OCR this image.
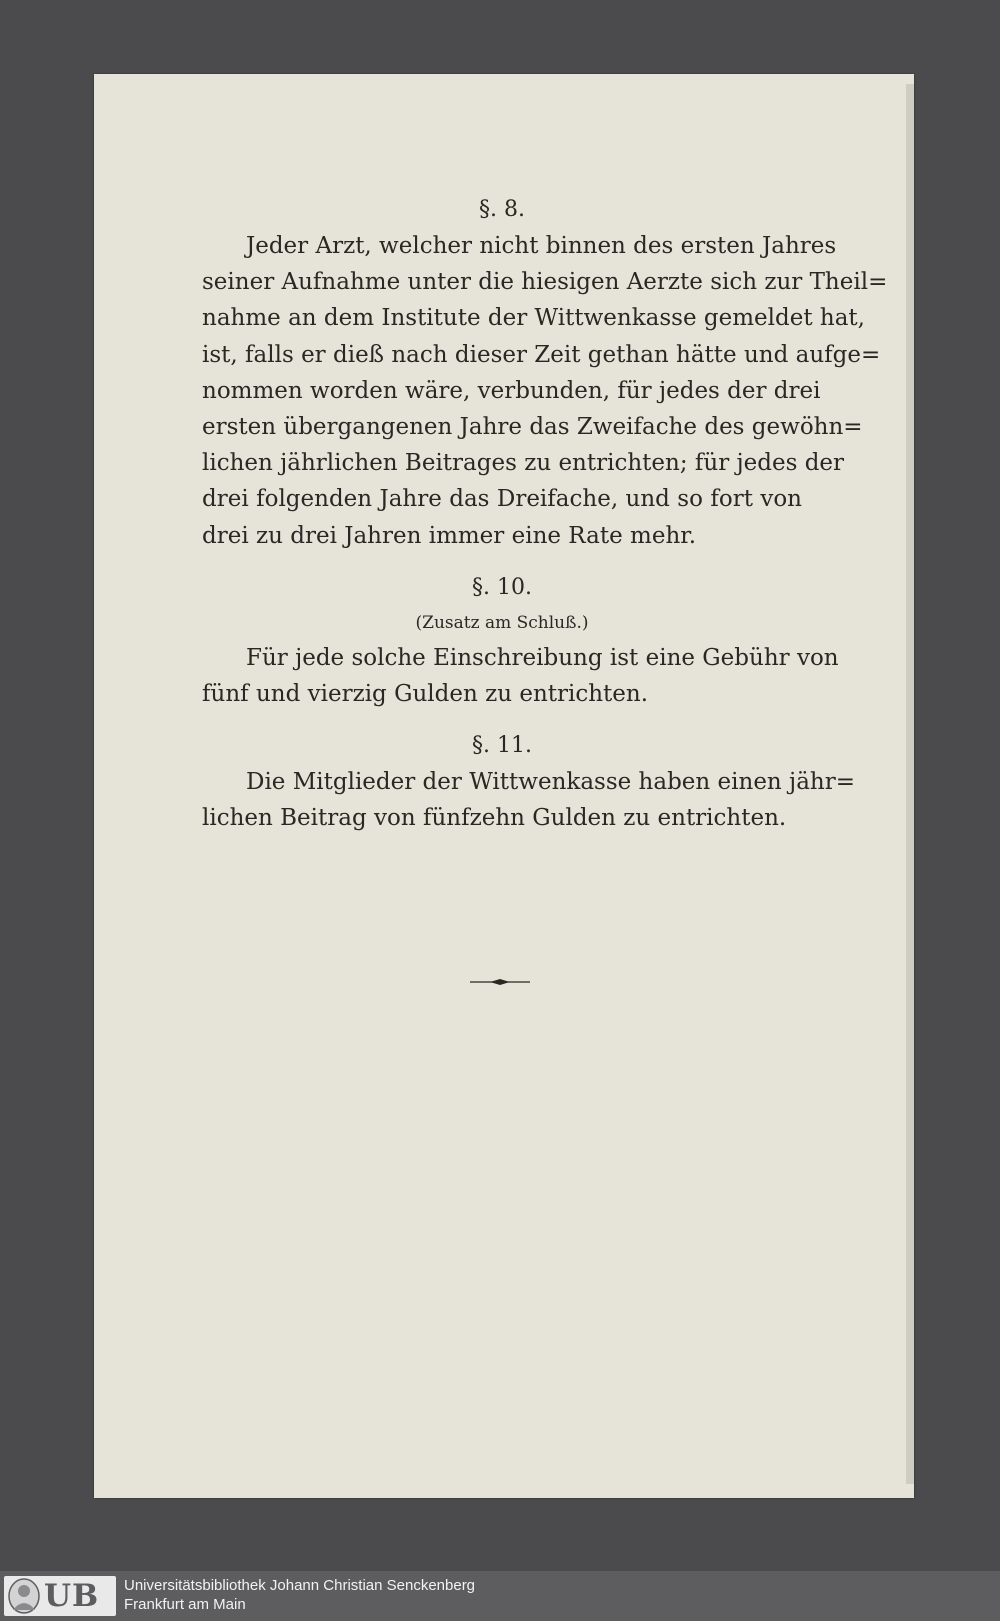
§. 8.
Jeder Arzt, welcher nicht binnen des ersten Jahres
seiner Aufnahme unter die hiesigen Aerzte sich zur Theil=
nahme an dem Institute der Wittwenkasse gemeldet hat,
ist, falls er dieß nach dieser Zeit gethan hätte und aufge=
nommen worden wäre, verbunden, für jedes der drei
ersten übergangenen Jahre das Zweifache des gewöhn=
lichen jährlichen Beitrages zu entrichten; für jedes der
drei folgenden Jahre das Dreifache, und so fort von
drei zu drei Jahren immer eine Rate mehr.
§. 10.
(Zusatz am Schluß.)
Für jede solche Einschreibung ist eine Gebühr von
fünf und vierzig Gulden zu entrichten.
§. 11.
Die Mitglieder der Wittwenkasse haben einen jähr=
lichen Beitrag von fünfzehn Gulden zu entrichten.
UB Universitätsbibliothek Johann Christian Senckenberg
Frankfurt am Main
